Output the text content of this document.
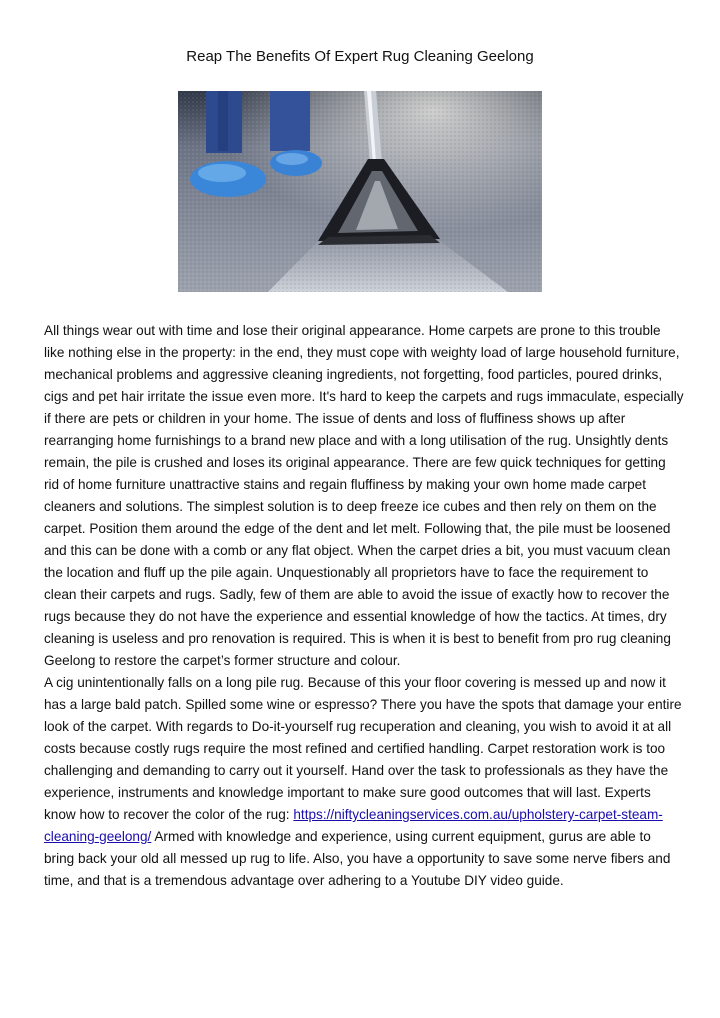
Reap The Benefits Of Expert Rug Cleaning Geelong

All things wear out with time and lose their original appearance. Home carpets are prone to this trouble like nothing else in the property: in the end, they must cope with weighty load of large household furniture, mechanical problems and aggressive cleaning ingredients, not forgetting, food particles, poured drinks, cigs and pet hair irritate the issue even more. It's hard to keep the carpets and rugs immaculate, especially if there are pets or children in your home. The issue of dents and loss of fluffiness shows up after rearranging home furnishings to a brand new place and with a long utilisation of the rug. Unsightly dents remain, the pile is crushed and loses its original appearance. There are few quick techniques for getting rid of home furniture unattractive stains and regain fluffiness by making your own home made carpet cleaners and solutions. The simplest solution is to deep freeze ice cubes and then rely on them on the carpet. Position them around the edge of the dent and let melt. Following that, the pile must be loosened and this can be done with a comb or any flat object. When the carpet dries a bit, you must vacuum clean the location and fluff up the pile again. Unquestionably all proprietors have to face the requirement to clean their carpets and rugs. Sadly, few of them are able to avoid the issue of exactly how to recover the rugs because they do not have the experience and essential knowledge of how the tactics. At times, dry cleaning is useless and pro renovation is required. This is when it is best to benefit from pro rug cleaning Geelong to restore the carpet’s former structure and colour.

A cig unintentionally falls on a long pile rug. Because of this your floor covering is messed up and now it has a large bald patch. Spilled some wine or espresso? There you have the spots that damage your entire look of the carpet. With regards to Do-it-yourself rug recuperation and cleaning, you wish to avoid it at all costs because costly rugs require the most refined and certified handling. Carpet restoration work is too challenging and demanding to carry out it yourself. Hand over the task to professionals as they have the experience, instruments and knowledge important to make sure good outcomes that will last. Experts know how to recover the color of the rug: https://niftycleaningservices.com.au/upholstery-carpet-steam-cleaning-geelong/ Armed with knowledge and experience, using current equipment, gurus are able to bring back your old all messed up rug to life. Also, you have a opportunity to save some nerve fibers and time, and that is a tremendous advantage over adhering to a Youtube DIY video guide.
